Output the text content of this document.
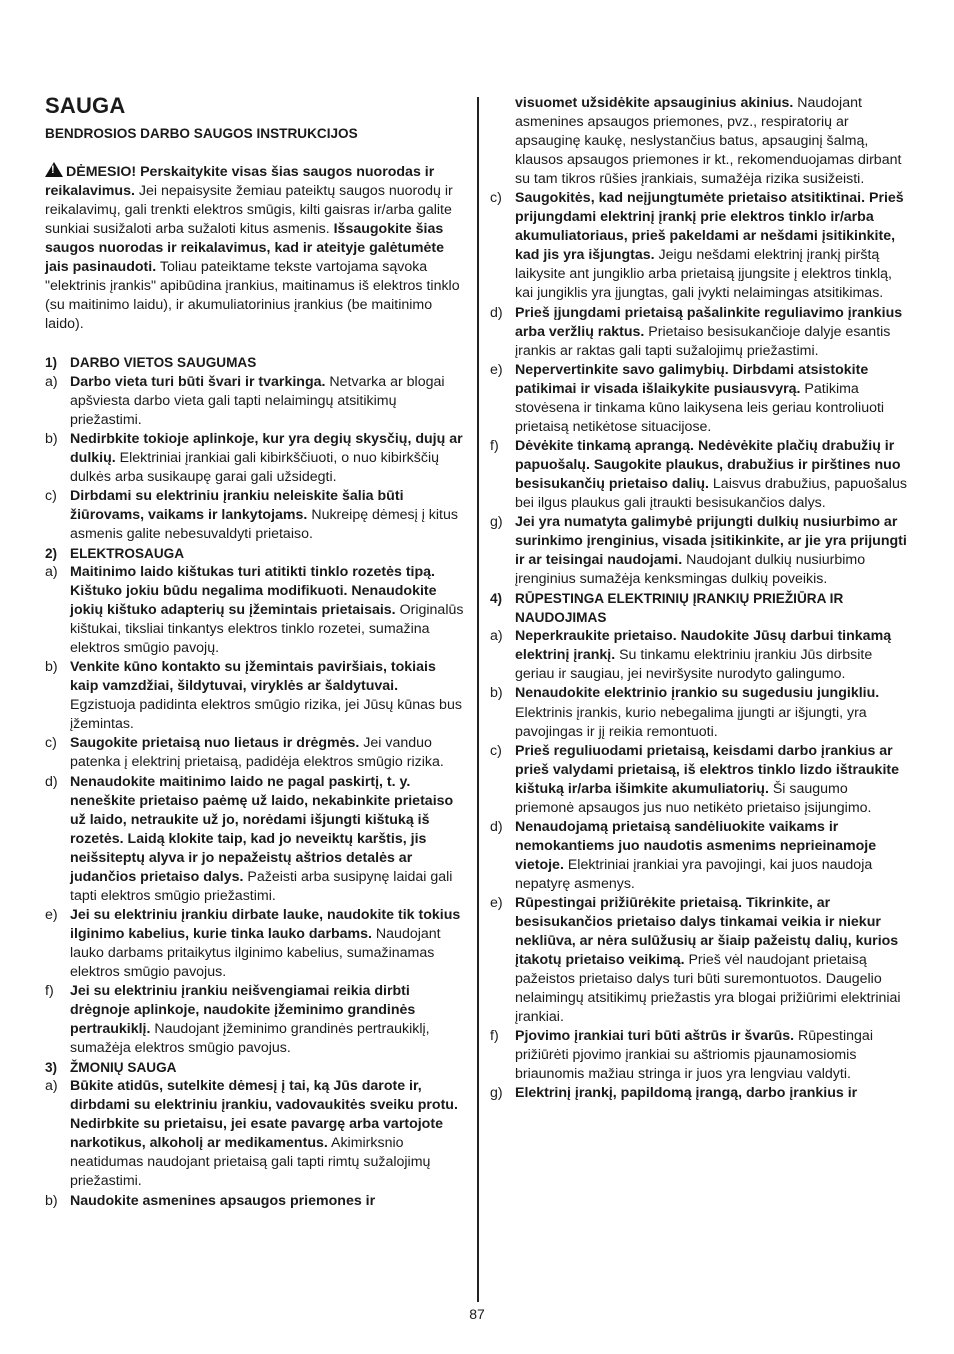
SAUGA

BENDROSIOS DARBO SAUGOS INSTRUKCIJOS

!DĖMESIO! Perskaitykite visas šias saugos nuorodas ir reikalavimus. Jei nepaisysite žemiau pateiktų saugos nuorodų ir reikalavimų, gali trenkti elektros smūgis, kilti gaisras ir/arba galite sunkiai susižaloti arba sužaloti kitus asmenis. Išsaugokite šias saugos nuorodas ir reikalavimus, kad ir ateityje galėtumėte jais pasinaudoti. Toliau pateiktame tekste vartojama sąvoka "elektrinis įrankis" apibūdina įrankius, maitinamus iš elektros tinklo (su maitinimo laidu), ir akumuliatorinius įrankius (be maitinimo laido).

1) DARBO VIETOS SAUGUMAS
a) Darbo vieta turi būti švari ir tvarkinga. Netvarka ar blogai apšviesta darbo vieta gali tapti nelaimingų atsitikimų priežastimi.
b) Nedirbkite tokioje aplinkoje, kur yra degių skysčių, dujų ar dulkių. Elektriniai įrankiai gali kibirkščiuoti, o nuo kibirkščių dulkės arba susikaupę garai gali užsidegti.
c) Dirbdami su elektriniu įrankiu neleiskite šalia būti žiūrovams, vaikams ir lankytojams. Nukreipę dėmesį į kitus asmenis galite nebesuvaldyti prietaiso.
2) ELEKTROSAUGA
a) Maitinimo laido kištukas turi atitikti tinklo rozetės tipą. Kištuko jokiu būdu negalima modifikuoti. Nenaudokite jokių kištuko adapterių su įžemintais prietaisais. Originalūs kištukai, tiksliai tinkantys elektros tinklo rozetei, sumažina elektros smūgio pavojų.
b) Venkite kūno kontakto su įžemintais paviršiais, tokiais kaip vamzdžiai, šildytuvai, viryklės ar šaldytuvai. Egzistuoja padidinta elektros smūgio rizika, jei Jūsų kūnas bus įžemintas.
c) Saugokite prietaisą nuo lietaus ir drėgmės. Jei vanduo patenka į elektrinį prietaisą, padidėja elektros smūgio rizika.
d) Nenaudokite maitinimo laido ne pagal paskirtį, t. y. neneškite prietaiso paėmę už laido, nekabinkite prietaiso už laido, netraukite už jo, norėdami išjungti kištuką iš rozetės. Laidą klokite taip, kad jo neveiktų karštis, jis neišsiteptų alyva ir jo nepažeistų aštrios detalės ar judančios prietaiso dalys. Pažeisti arba susipynę laidai gali tapti elektros smūgio priežastimi.
e) Jei su elektriniu įrankiu dirbate lauke, naudokite tik tokius ilginimo kabelius, kurie tinka lauko darbams. Naudojant lauko darbams pritaikytus ilginimo kabelius, sumažinamas elektros smūgio pavojus.
f) Jei su elektriniu įrankiu neišvengiamai reikia dirbti drėgnoje aplinkoje, naudokite įžeminimo grandinės pertraukiklį. Naudojant įžeminimo grandinės pertraukiklį, sumažėja elektros smūgio pavojus.
3) ŽMONIŲ SAUGA
a) Būkite atidūs, sutelkite dėmesį į tai, ką Jūs darote ir, dirbdami su elektriniu įrankiu, vadovaukitės sveiku protu. Nedirbkite su prietaisu, jei esate pavargę arba vartojote narkotikus, alkoholį ar medikamentus. Akimirksnio neatidumas naudojant prietaisą gali tapti rimtų sužalojimų priežastimi.
b) Naudokite asmenines apsaugos priemones ir
visuomet užsidėkite apsauginius akinius. Naudojant asmenines apsaugos priemones, pvz., respiratorių ar apsauginę kaukę, neslystančius batus, apsauginį šalmą, klausos apsaugos priemones ir kt., rekomenduojamas dirbant su tam tikros rūšies įrankiais, sumažėja rizika susižeisti.
c) Saugokitės, kad neįjungtumėte prietaiso atsitiktinai. Prieš prijungdami elektrinį įrankį prie elektros tinklo ir/arba akumuliatoriaus, prieš pakeldami ar nešdami įsitikinkite, kad jis yra išjungtas. Jeigu nešdami elektrinį įrankį pirštą laikysite ant jungiklio arba prietaisą įjungsite į elektros tinklą, kai jungiklis yra įjungtas, gali įvykti nelaimingas atsitikimas.
d) Prieš įjungdami prietaisą pašalinkite reguliavimo įrankius arba veržlių raktus. Prietaiso besisukančioje dalyje esantis įrankis ar raktas gali tapti sužalojimų priežastimi.
e) Nepervertinkite savo galimybių. Dirbdami atsistokite patikimai ir visada išlaikykite pusiausvyrą. Patikima stovėsena ir tinkama kūno laikysena leis geriau kontroliuoti prietaisą netikėtose situacijose.
f) Dėvėkite tinkamą aprangą. Nedėvėkite plačių drabužių ir papuošalų. Saugokite plaukus, drabužius ir pirštines nuo besisukančių prietaiso dalių. Laisvus drabužius, papuošalus bei ilgus plaukus gali įtraukti besisukančios dalys.
g) Jei yra numatyta galimybė prijungti dulkių nusiurbimo ar surinkimo įrenginius, visada įsitikinkite, ar jie yra prijungti ir ar teisingai naudojami. Naudojant dulkių nusiurbimo įrenginius sumažėja kenksmingas dulkių poveikis.
4) RŪPESTINGA ELEKTRINIŲ ĮRANKIŲ PRIEŽIŪRA IR NAUDOJIMAS
a) Neperkraukite prietaiso. Naudokite Jūsų darbui tinkamą elektrinį įrankį. Su tinkamu elektriniu įrankiu Jūs dirbsite geriau ir saugiau, jei neviršysite nurodyto galingumo.
b) Nenaudokite elektrinio įrankio su sugedusiu jungikliu. Elektrinis įrankis, kurio nebegalima įjungti ar išjungti, yra pavojingas ir jį reikia remontuoti.
c) Prieš reguliuodami prietaisą, keisdami darbo įrankius ar prieš valydami prietaisą, iš elektros tinklo lizdo ištraukite kištuką ir/arba išimkite akumuliatorių. Ši saugumo priemonė apsaugos jus nuo netikėto prietaiso įsijungimo.
d) Nenaudojamą prietaisą sandėliuokite vaikams ir nemokantiems juo naudotis asmenims neprieinamoje vietoje. Elektriniai įrankiai yra pavojingi, kai juos naudoja nepatyrę asmenys.
e) Rūpestingai prižiūrėkite prietaisą. Tikrinkite, ar besisukančios prietaiso dalys tinkamai veikia ir niekur nekliūva, ar nėra sulūžusių ar šiaip pažeistų dalių, kurios įtakotų prietaiso veikimą. Prieš vėl naudojant prietaisą pažeistos prietaiso dalys turi būti suremontuotos. Daugelio nelaimingų atsitikimų priežastis yra blogai prižiūrimi elektriniai įrankiai.
f) Pjovimo įrankiai turi būti aštrūs ir švarūs. Rūpestingai prižiūrėti pjovimo įrankiai su aštriomis pjaunamosiomis briaunomis mažiau stringa ir juos yra lengviau valdyti.
g) Elektrinį įrankį, papildomą įrangą, darbo įrankius ir
87
